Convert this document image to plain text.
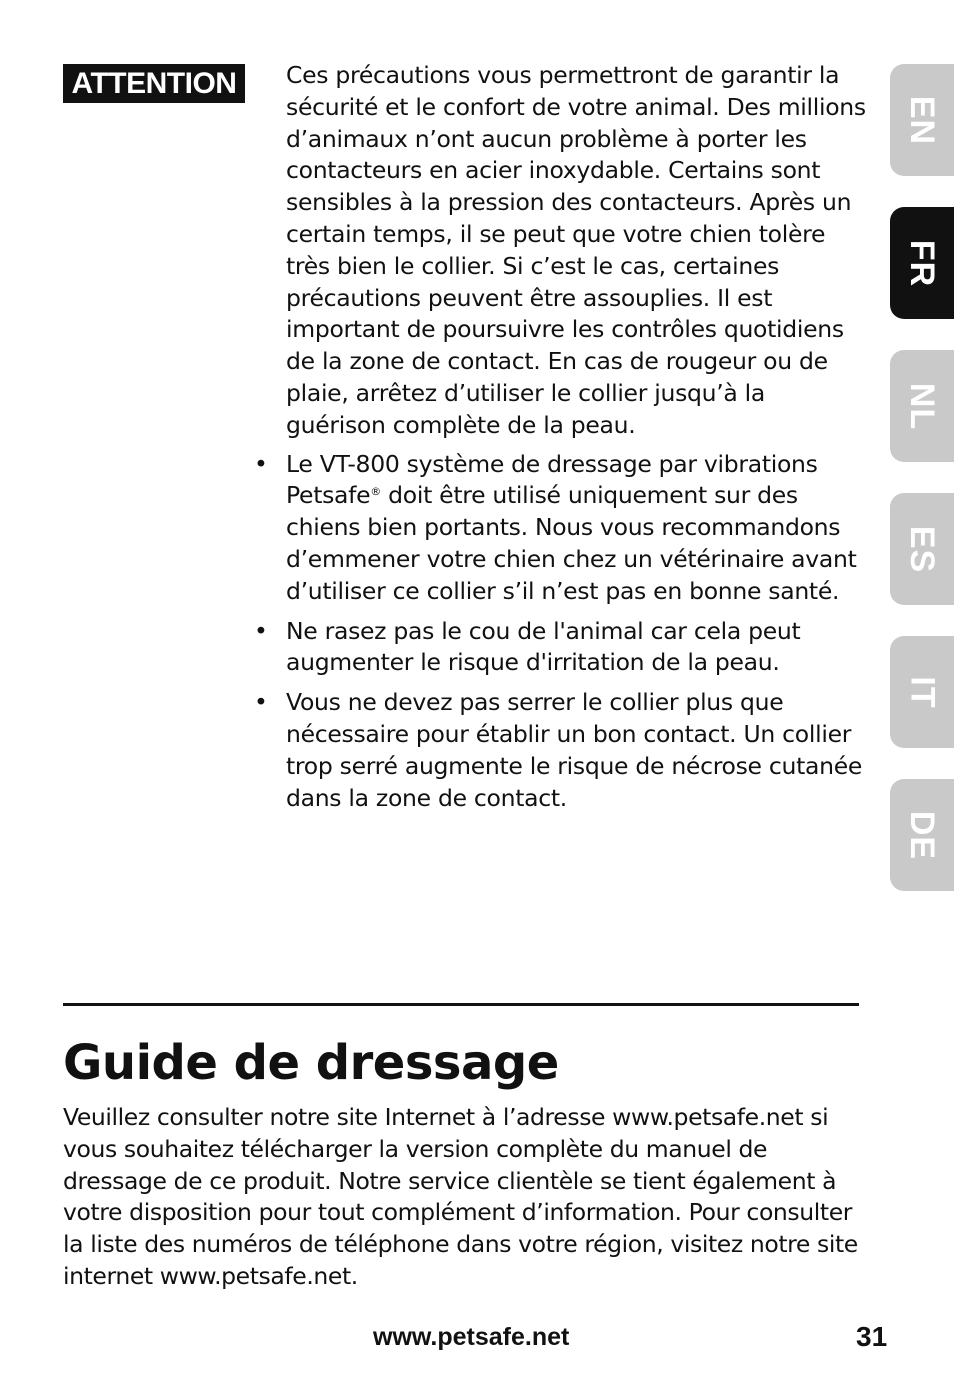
ATTENTION	Ces précautions vous permettront de garantir la sécurité et le confort de votre animal. Des millions d’animaux n’ont aucun problème à porter les contacteurs en acier inoxydable. Certains sont sensibles à la pression des contacteurs. Après un certain temps, il se peut que votre chien tolère très bien le collier. Si c’est le cas, certaines précautions peuvent être assouplies. Il est important de poursuivre les contrôles quotidiens de la zone de contact. En cas de rougeur ou de plaie, arrêtez d’utiliser le collier jusqu’à la guérison complète de la peau.

• Le VT-800 système de dressage par vibrations Petsafe® doit être utilisé uniquement sur des chiens bien portants. Nous vous recommandons d’emmener votre chien chez un vétérinaire avant d’utiliser ce collier s’il n’est pas en bonne santé.
• Ne rasez pas le cou de l'animal car cela peut augmenter le risque d'irritation de la peau.
• Vous ne devez pas serrer le collier plus que nécessaire pour établir un bon contact. Un collier trop serré augmente le risque de nécrose cutanée dans la zone de contact.
EN
FR
NL
ES
IT
DE
Guide de dressage

Veuillez consulter notre site Internet à l’adresse www.petsafe.net si vous souhaitez télécharger la version complète du manuel de dressage de ce produit. Notre service clientèle se tient également à votre disposition pour tout complément d’information. Pour consulter la liste des numéros de téléphone dans votre région, visitez notre site internet www.petsafe.net.

www.petsafe.net	31
